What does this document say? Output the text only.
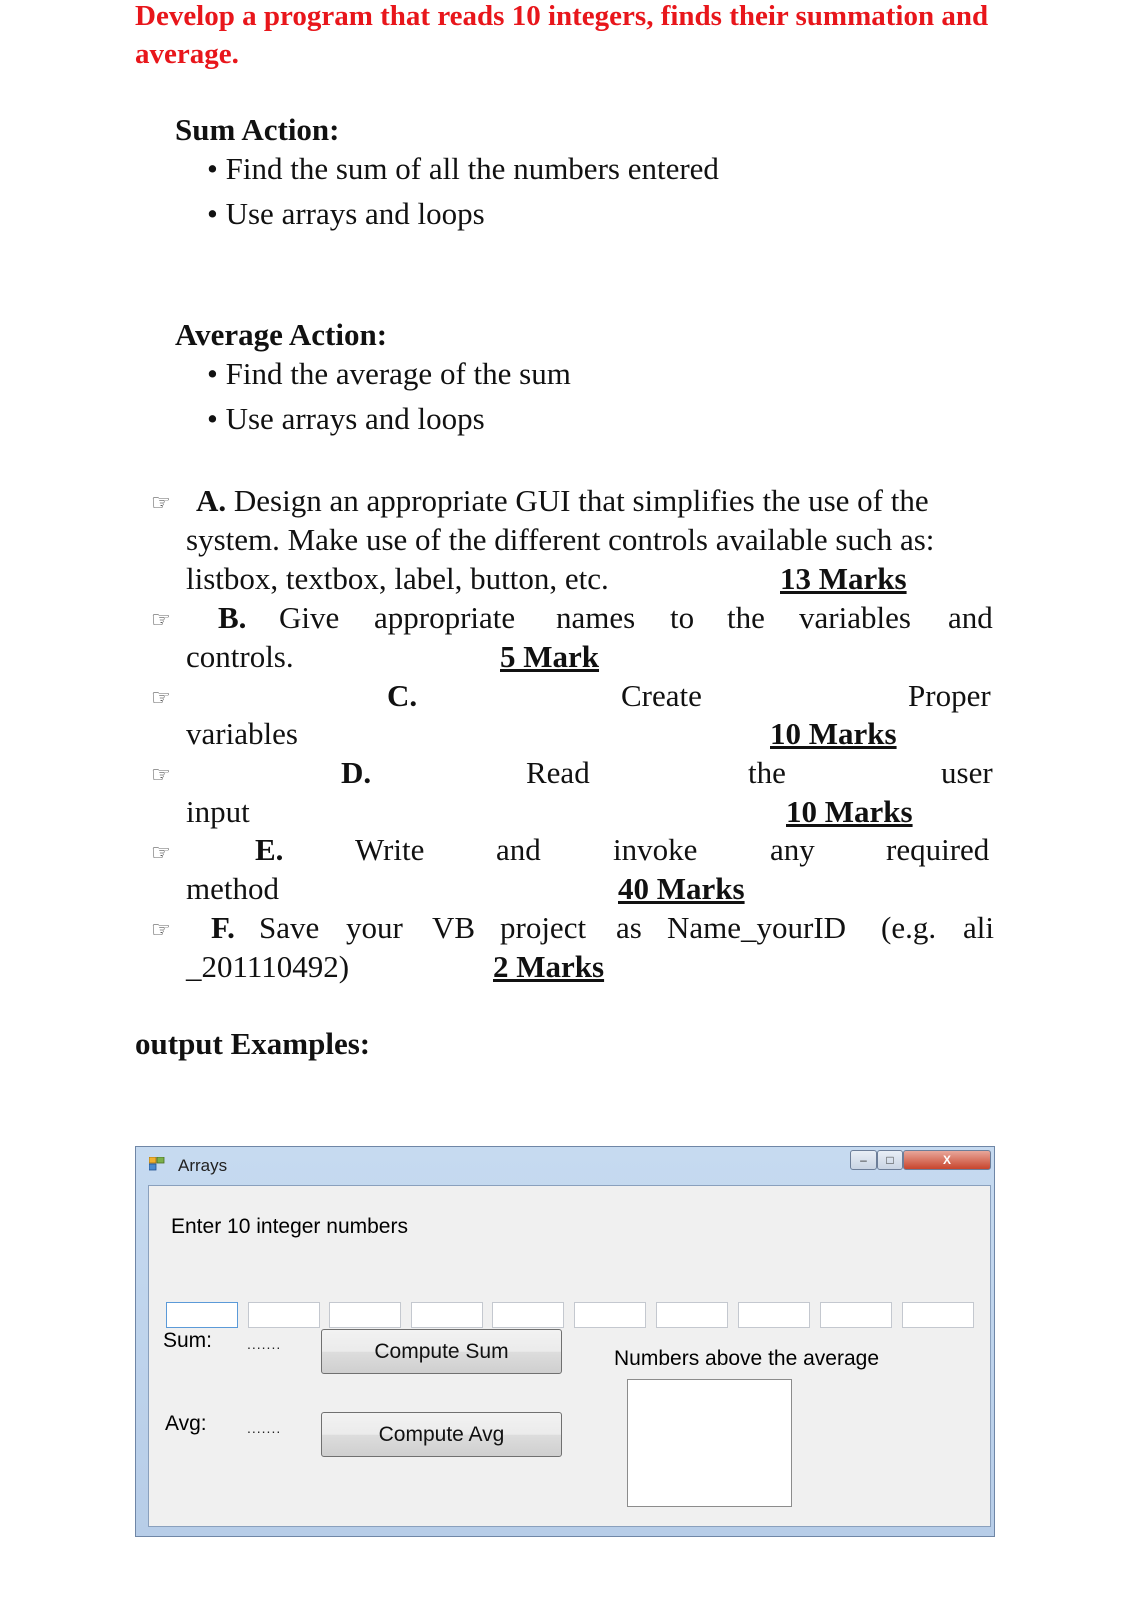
Develop a program that reads 10 integers, finds their summation and average.
Sum Action:
• Find the sum of all the numbers entered
• Use arrays and loops
Average Action:
• Find the average of the sum
• Use arrays and loops
☞ A. Design an appropriate GUI that simplifies the use of the
system. Make use of the different controls available such as:
listbox, textbox, label, button, etc.	13 Marks
☞ B. Give appropriate names to the variables and
controls.	5 Mark
☞	C.	Create	Proper
variables	10 Marks
☞	D.	Read	the	user
input	10 Marks
☞	E. Write and invoke any required
method	40 Marks
☞ F. Save your VB project as Name_yourID (e.g. ali
_201110492)	2 Marks
output Examples:
Arrays	–	□	X
Enter 10 integer numbers
Sum: .......	Compute Sum
Avg:	.......	Compute Avg
Numbers above the average
